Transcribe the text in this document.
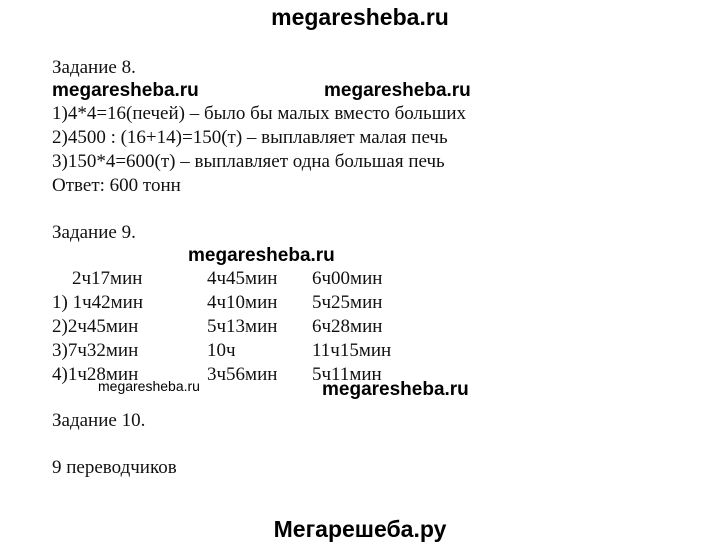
megaresheba.ru
Задание 8.
megaresheba.ru	megaresheba.ru
1)4*4=16(печей) – было бы малых вместо больших
2)4500 : (16+14)=150(т) – выплавляет малая печь
3)150*4=600(т) – выплавляет одна большая печь
Ответ: 600 тонн
Задание 9.
megaresheba.ru
2ч17мин	4ч45мин 6ч00мин
1) 1ч42мин	4ч10мин 5ч25мин
2)2ч45мин	5ч13мин 6ч28мин
3)7ч32мин	10ч	11ч15мин
4)1ч28мин	3ч56мин 5ч11мин
megaresheba.ru	megaresheba.ru
Задание 10.
9 переводчиков
Мегарешеба.ру
